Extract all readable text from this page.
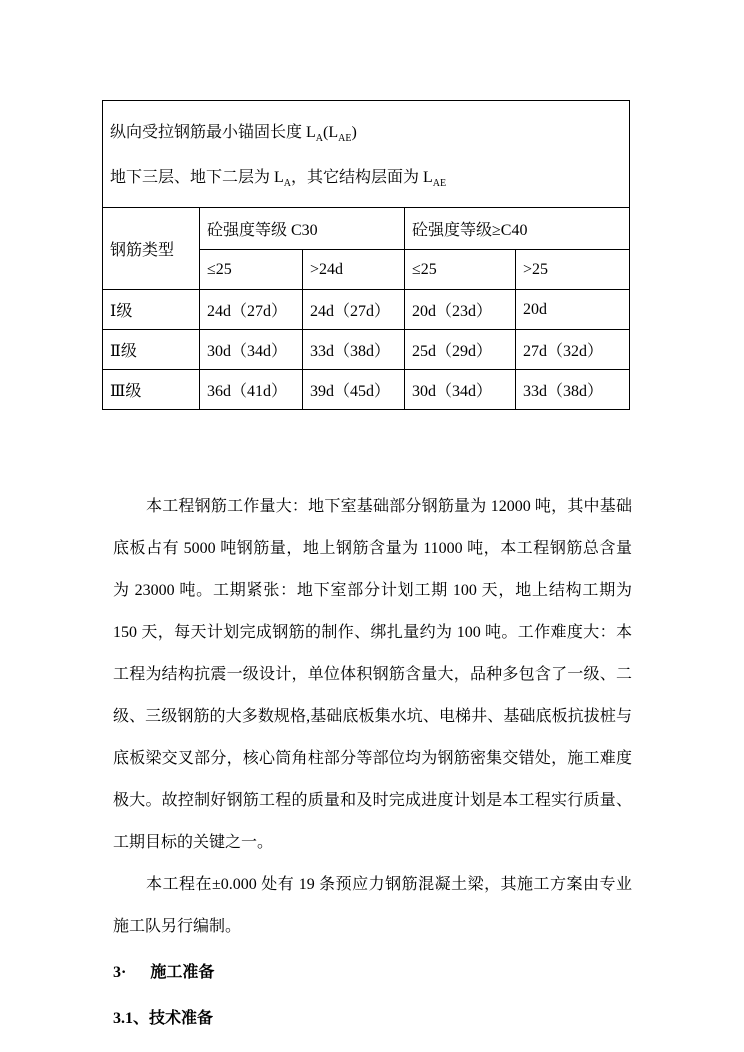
纵向受拉钢筋最小锚固长度 $L_A(L_{AE})$
地下三层、地下二层为 $L_A$，其它结构层面为 $L_{AE}$

钢筋类型	砼强度等级 C30		砼强度等级≥C40	
	≤25	>24d	≤25	>25
Ⅰ级	24d（27d）	24d（27d）	20d（23d）	20d
Ⅱ级	30d（34d）	33d（38d）	25d（29d）	27d（32d）
Ⅲ级	36d（41d）	39d（45d）	30d（34d）	33d（38d）

本工程钢筋工作量大：地下室基础部分钢筋量为 12000 吨，其中基础底板占有 5000 吨钢筋量，地上钢筋含量为 11000 吨，本工程钢筋总含量为 23000 吨。工期紧张：地下室部分计划工期 100 天，地上结构工期为 150 天，每天计划完成钢筋的制作、绑扎量约为 100 吨。工作难度大：本工程为结构抗震一级设计，单位体积钢筋含量大，品种多包含了一级、二级、三级钢筋的大多数规格,基础底板集水坑、电梯井、基础底板抗拔桩与底板梁交叉部分，核心筒角柱部分等部位均为钢筋密集交错处，施工难度极大。故控制好钢筋工程的质量和及时完成进度计划是本工程实行质量、工期目标的关键之一。

本工程在±0.000 处有 19 条预应力钢筋混凝土梁，其施工方案由专业施工队另行编制。

3· 施工准备
3.1、技术准备
